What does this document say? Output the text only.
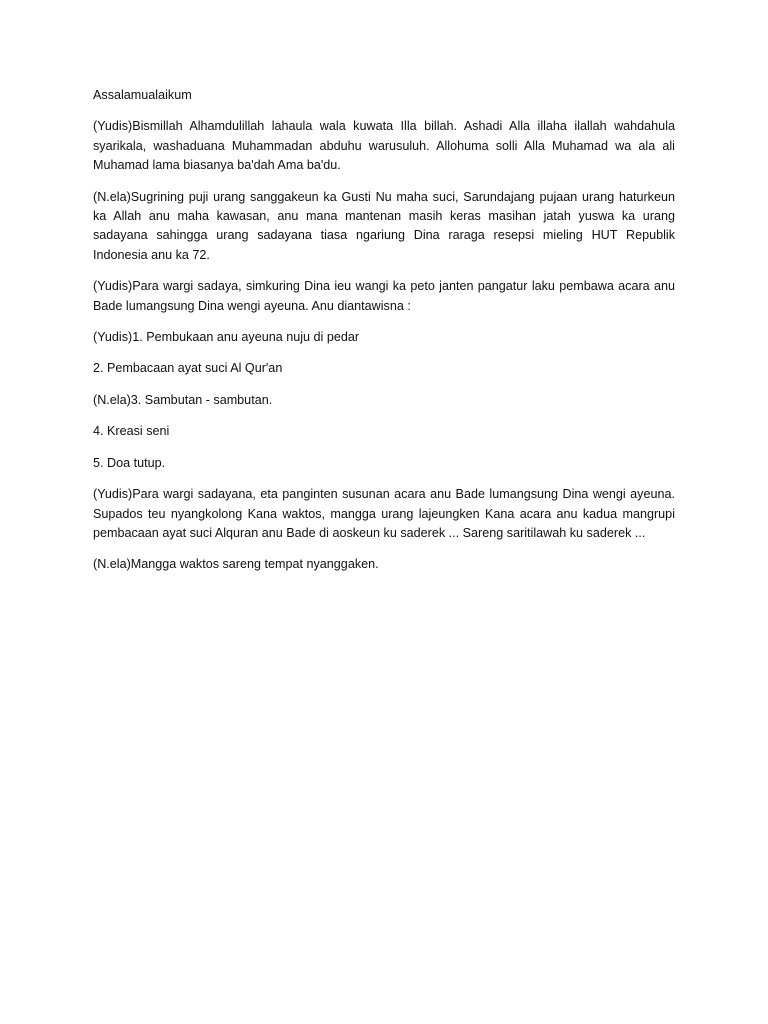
Assalamualaikum

(Yudis)Bismillah Alhamdulillah lahaula wala kuwata Illa billah. Ashadi Alla illaha ilallah wahdahula syarikala, washaduana Muhammadan abduhu warusuluh. Allohuma solli Alla Muhamad wa ala ali Muhamad lama biasanya ba'dah Ama ba'du.

(N.ela)Sugrining puji urang sanggakeun ka Gusti Nu maha suci, Sarundajang pujaan urang haturkeun ka Allah anu maha kawasan, anu mana mantenan masih keras masihan jatah yuswa ka urang sadayana sahingga urang sadayana tiasa ngariung Dina raraga resepsi mieling HUT Republik Indonesia anu ka 72.

(Yudis)Para wargi sadaya, simkuring Dina ieu wangi ka peto janten pangatur laku pembawa acara anu Bade lumangsung Dina wengi ayeuna. Anu diantawisna :

(Yudis)1. Pembukaan anu ayeuna nuju di pedar

2. Pembacaan ayat suci Al Qur'an

(N.ela)3. Sambutan - sambutan.

4. Kreasi seni

5. Doa tutup.

(Yudis)Para wargi sadayana, eta panginten susunan acara anu Bade lumangsung Dina wengi ayeuna. Supados teu nyangkolong Kana waktos, mangga urang lajeungken Kana acara anu kadua mangrupi pembacaan ayat suci Alquran anu Bade di aoskeun ku saderek ... Sareng saritilawah ku saderek ...

(N.ela)Mangga waktos sareng tempat nyanggaken.
